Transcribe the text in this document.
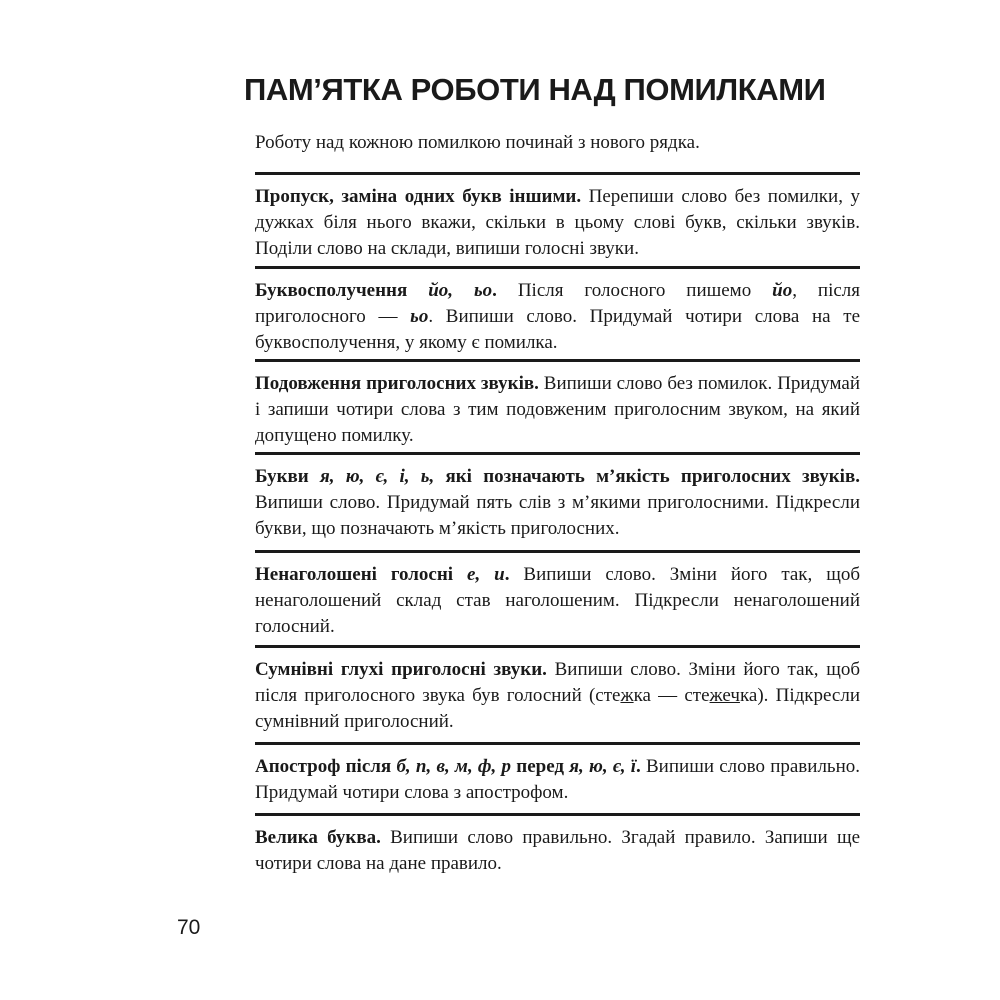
ПАМ’ЯТКА РОБОТИ НАД ПОМИЛКАМИ

Роботу над кожною помилкою починай з нового рядка.

Пропуск, заміна одних букв іншими. Перепиши слово без помилки, у дужках біля нього вкажи, скільки в цьому слові букв, скільки звуків. Поділи слово на склади, випиши голосні звуки.

Буквосполучення йо, ьо. Після голосного пишемо йо, після приголосного — ьо. Випиши слово. Придумай чотири слова на те буквосполучення, у якому є помилка.

Подовження приголосних звуків. Випиши слово без помилок. Придумай і запиши чотири слова з тим подовженим приголосним звуком, на який допущено помилку.

Букви я, ю, є, і, ь, які позначають м’якість приголосних звуків. Випиши слово. Придумай пять слів з м’якими приголосними. Підкресли букви, що позначають м’якість приголосних.

Ненаголошені голосні е, и. Випиши слово. Зміни його так, щоб ненаголошений склад став наголошеним. Підкресли ненаголошений голосний.

Сумнівні глухі приголосні звуки. Випиши слово. Зміни його так, щоб після приголосного звука був голосний (стежка — стежечка). Підкресли сумнівний приголосний.

Апостроф після б, п, в, м, ф, р перед я, ю, є, ї. Випиши слово правильно. Придумай чотири слова з апострофом.

Велика буква. Випиши слово правильно. Згадай правило. Запиши ще чотири слова на дане правило.

70
